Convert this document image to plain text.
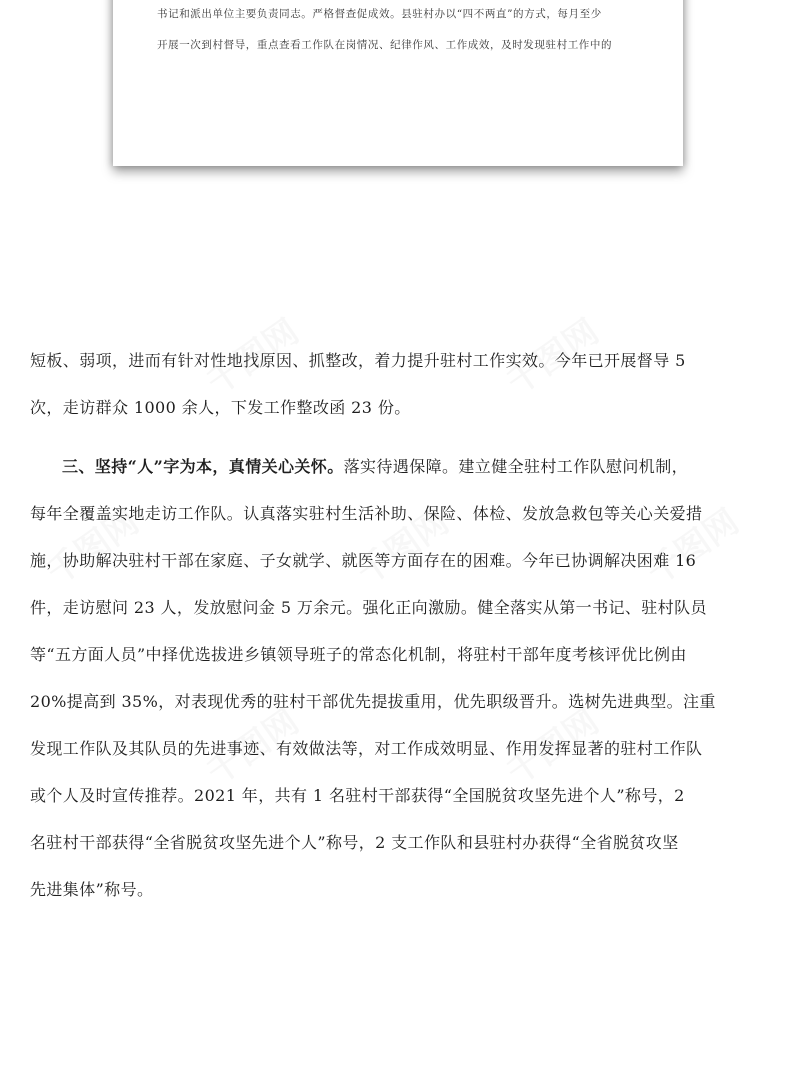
书记和派出单位主要负责同志。严格督查促成效。县驻村办以“四不两直”的方式，每月至少
开展一次到村督导，重点查看工作队在岗情况、纪律作风、工作成效，及时发现驻村工作中的
千图网	千图网
千图网	千图网	千图网
千图网	千图网
短板、弱项，进而有针对性地找原因、抓整改，着力提升驻村工作实效。今年已开展督导 5
次，走访群众 1000 余人，下发工作整改函 23 份。
三、坚持“人”字为本，真情关心关怀。落实待遇保障。建立健全驻村工作队慰问机制，
每年全覆盖实地走访工作队。认真落实驻村生活补助、保险、体检、发放急救包等关心关爱措
施，协助解决驻村干部在家庭、子女就学、就医等方面存在的困难。今年已协调解决困难 16
件，走访慰问 23 人，发放慰问金 5 万余元。强化正向激励。健全落实从第一书记、驻村队员
等“五方面人员”中择优选拔进乡镇领导班子的常态化机制，将驻村干部年度考核评优比例由
20%提高到 35%，对表现优秀的驻村干部优先提拔重用，优先职级晋升。选树先进典型。注重
发现工作队及其队员的先进事迹、有效做法等，对工作成效明显、作用发挥显著的驻村工作队
或个人及时宣传推荐。2021 年，共有 1 名驻村干部获得“全国脱贫攻坚先进个人”称号，2
名驻村干部获得“全省脱贫攻坚先进个人”称号，2 支工作队和县驻村办获得“全省脱贫攻坚
先进集体”称号。
